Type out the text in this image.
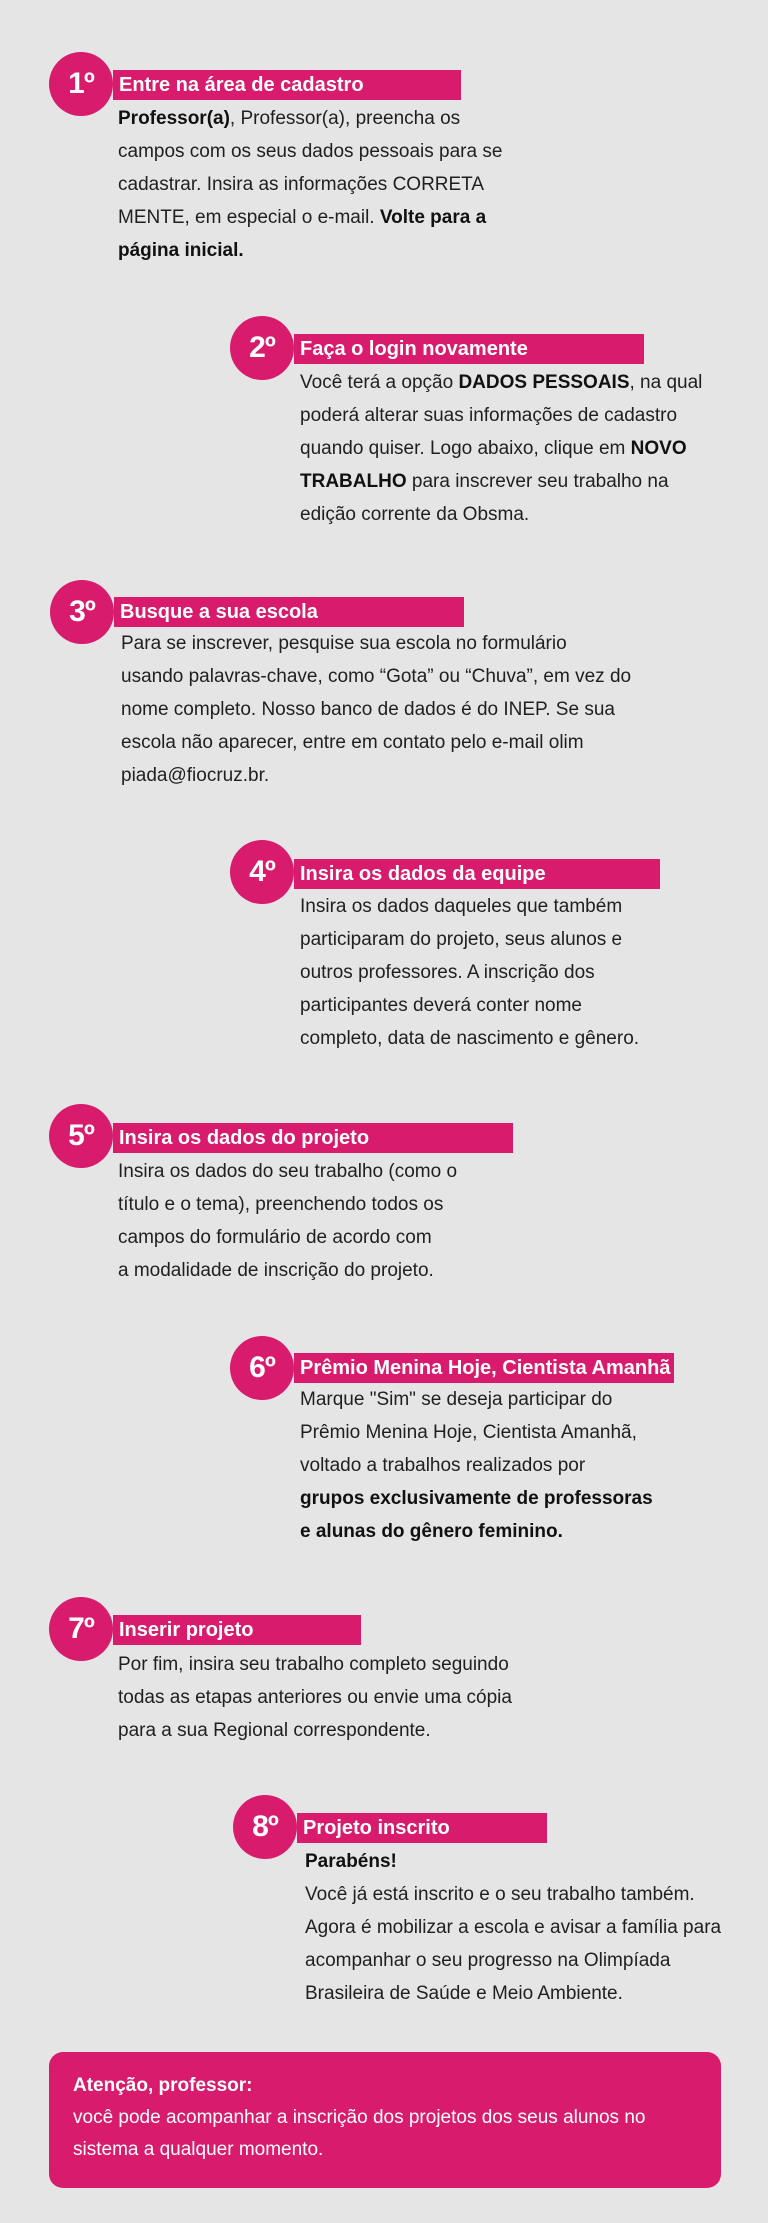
1º	Entre na área de cadastro
Professor(a), Professor(a), preencha os
campos com os seus dados pessoais para se
cadastrar. Insira as informações CORRETA
MENTE, em especial o e-mail. Volte para a
página inicial.
2º	Faça o login novamente
Você terá a opção DADOS PESSOAIS, na qual
poderá alterar suas informações de cadastro
quando quiser. Logo abaixo, clique em NOVO
TRABALHO para inscrever seu trabalho na
edição corrente da Obsma.
3º	Busque a sua escola
Para se inscrever, pesquise sua escola no formulário
usando palavras-chave, como “Gota” ou “Chuva”, em vez do
nome completo. Nosso banco de dados é do INEP. Se sua
escola não aparecer, entre em contato pelo e-mail olim
piada@fiocruz.br.
4º	Insira os dados da equipe
Insira os dados daqueles que também
participaram do projeto, seus alunos e
outros professores. A inscrição dos
participantes deverá conter nome
completo, data de nascimento e gênero.
5º	Insira os dados do projeto
Insira os dados do seu trabalho (como o
título e o tema), preenchendo todos os
campos do formulário de acordo com
a modalidade de inscrição do projeto.
6º	Prêmio Menina Hoje, Cientista Amanhã
Marque "Sim" se deseja participar do
Prêmio Menina Hoje, Cientista Amanhã,
voltado a trabalhos realizados por
grupos exclusivamente de professoras
e alunas do gênero feminino.
7º	Inserir projeto
Por fim, insira seu trabalho completo seguindo
todas as etapas anteriores ou envie uma cópia
para a sua Regional correspondente.
8º	Projeto inscrito
Parabéns!
Você já está inscrito e o seu trabalho também.
Agora é mobilizar a escola e avisar a família para
acompanhar o seu progresso na Olimpíada
Brasileira de Saúde e Meio Ambiente.
Atenção, professor:
você pode acompanhar a inscrição dos projetos dos seus alunos no
sistema a qualquer momento.
